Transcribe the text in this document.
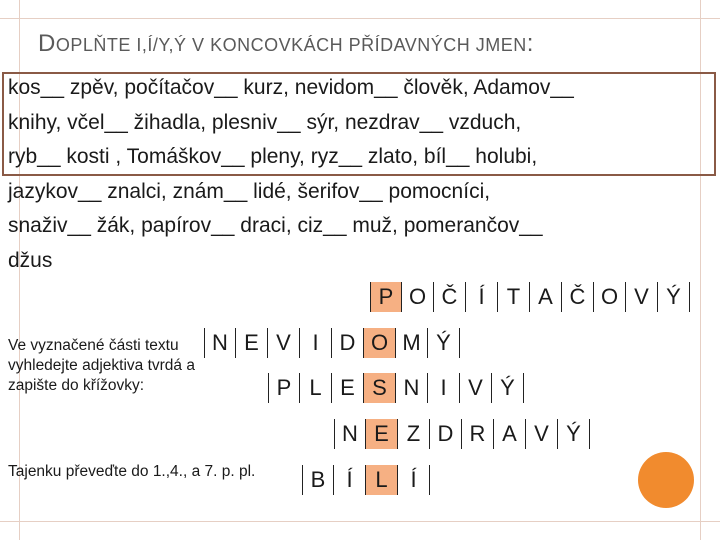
DOPLŇTE I,Í/Y,Ý V KONCOVKÁCH PŘÍDAVNÝCH JMEN:
kos__ zpěv, počítačov__ kurz, nevidom__ člověk, Adamov__
knihy, včel__ žihadla, plesniv__ sýr, nezdrav__ vzduch,
ryb__ kosti , Tomáškov__ pleny, ryz__ zlato, bíl__ holubi,
jazykov__ znalci, znám__ lidé, šerifov__ pomocníci,
snaživ__ žák, papírov__ draci, ciz__ muž, pomerančov__
džus
Ve vyznačené části textu vyhledejte adjektiva tvrdá a zapište do křížovky:
Tajenku převeďte do 1.,4., a 7. p. pl.
P O Č Í	T A Č O V Ý
N E V I D O M Ý
P L E S N I V Ý
N E Z D R A V Ý
B Í	L	Í
